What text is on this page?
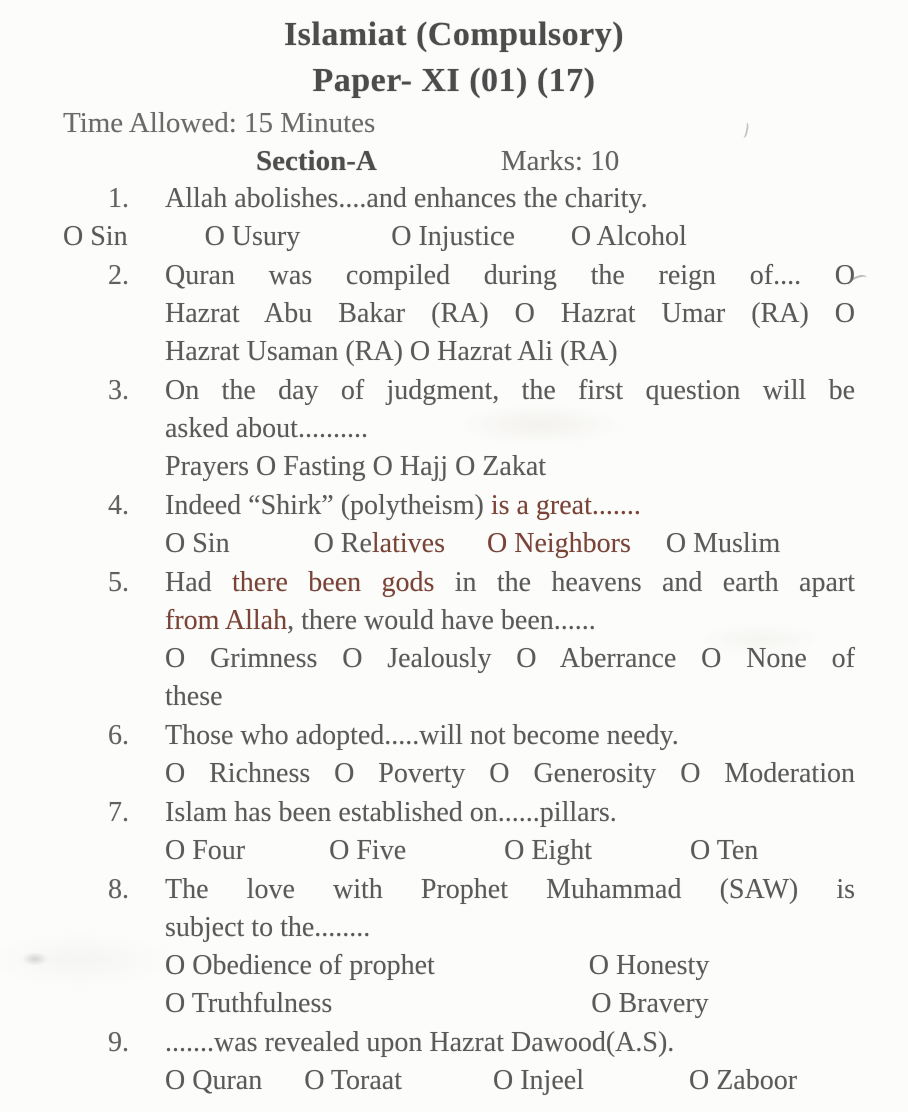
Islamiat (Compulsory)
Paper- XI (01) (17)
Time Allowed: 15 Minutes
Section-A	Marks: 10
1. Allah abolishes....and enhances the charity.
O Sin           O Usury             O Injustice        O Alcohol
2. Quran was compiled during the reign of.... O
Hazrat Abu Bakar (RA) O Hazrat Umar (RA) O
Hazrat Usaman (RA) O Hazrat Ali (RA)
3. On the day of judgment, the first question will be
asked about..........
Prayers O Fasting O Hajj O Zakat
4. Indeed “Shirk” (polytheism) is a great.......
O Sin            O Relatives O Neighbors     O Muslim
5. Had there been gods in the heavens and earth apart
from Allah, there would have been......
O Grimness O Jealously O Aberrance O None of
these
6. Those who adopted.....will not become needy.
O Richness O Poverty O Generosity O Moderation
7. Islam has been established on......pillars.
O Four            O Five              O Eight              O Ten
8. The love with Prophet Muhammad (SAW) is
subject to the........
O Obedience of prophet                      O Honesty
O Truthfulness                                     O Bravery
9. .......was revealed upon Hazrat Dawood(A.S).
O Quran      O Toraat             O Injeel               O Zaboor
